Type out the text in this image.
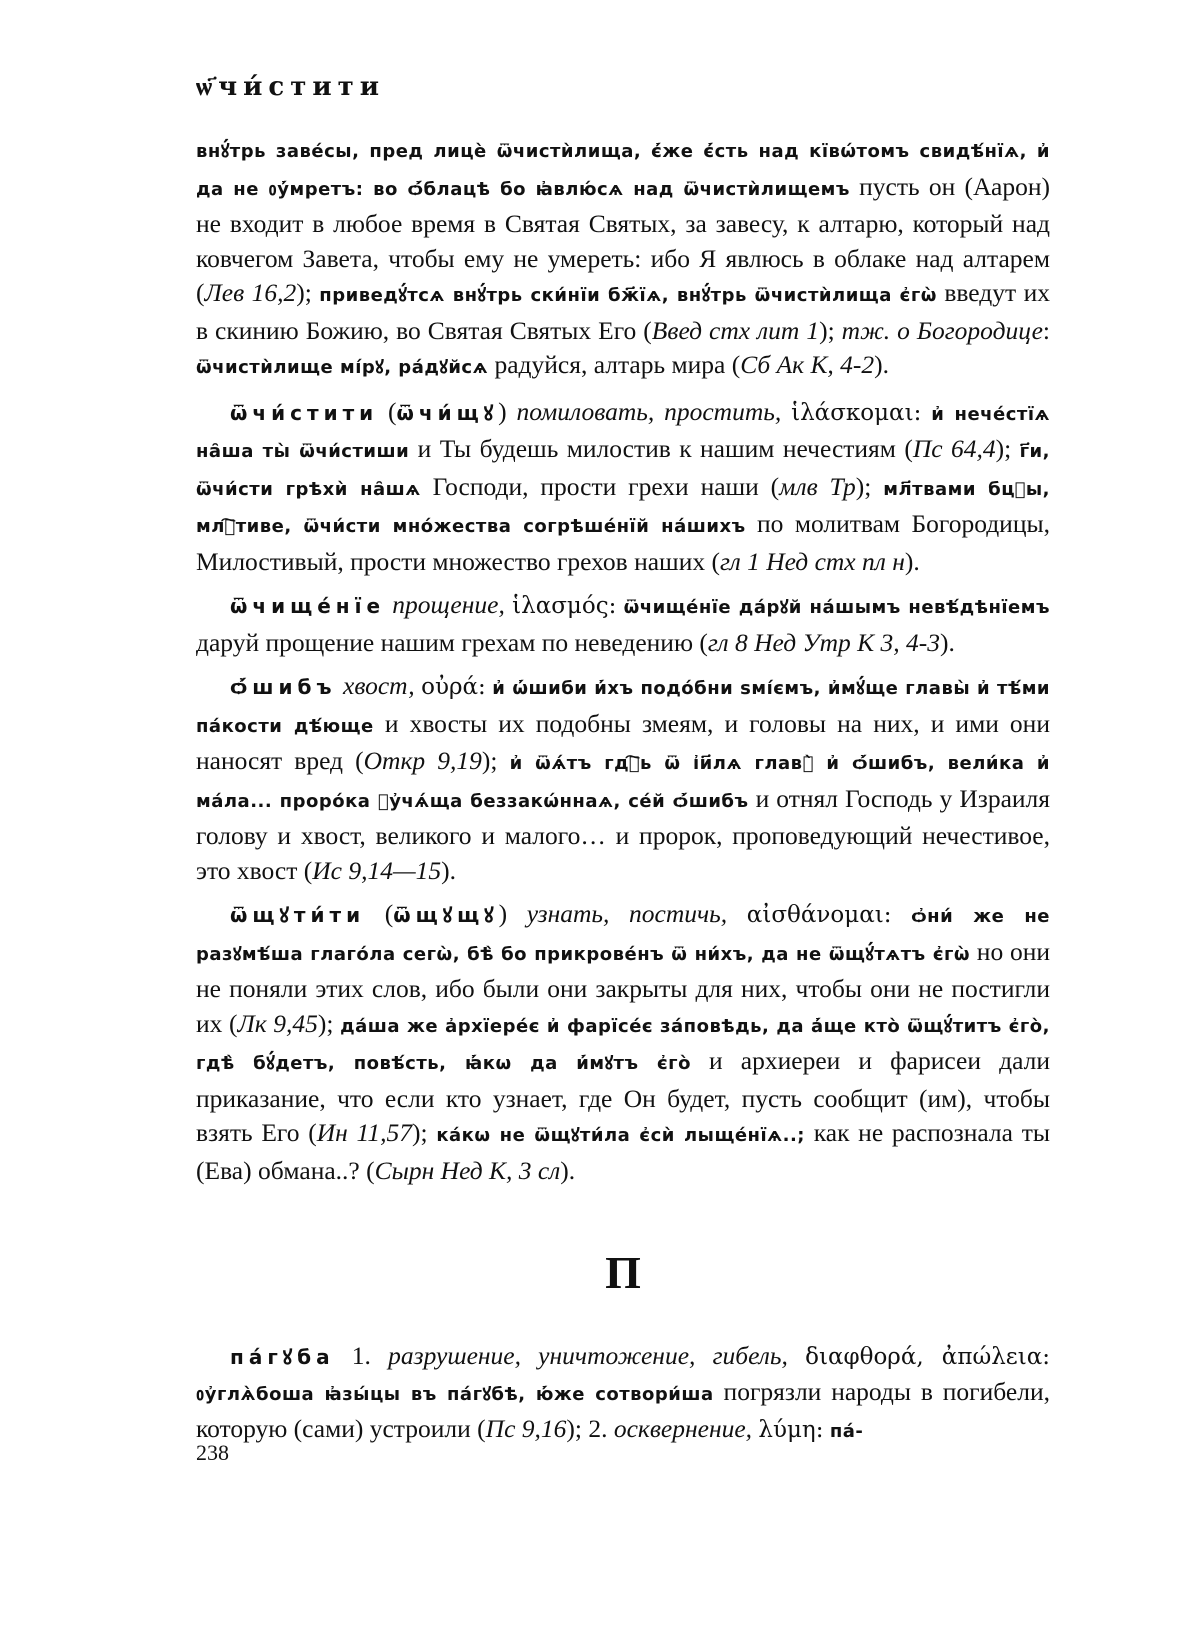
ѡ҃чи́стити

внꙋ́трь заве́сы, пред лицѐ ѿчистѝлища, є҆́же є҆́сть над кївѡ́томъ свидѣ́нїѧ, и҆ да не ᲂу҆́мретъ: во ѻ҆́блацѣ бо ꙗ҆влю́сѧ над ѿчистѝлищемъ пусть он (Аарон) не входит в любое время в Святая Святых, за завесу, к алтарю, который над ковчегом Завета, чтобы ему не умереть: ибо Я явлюсь в облаке над алтарем (Лев 16,2); приведꙋ́тсѧ внꙋ́трь ски́нїи бж҃їѧ, внꙋ́трь ѿчистѝлища є҆гѡ̀ введут их в скинию Божию, во Святая Святых Его (Введ стх лит 1); тж. о Богородице: ѿчистѝлище мі́рꙋ, ра́дꙋйсѧ радуйся, алтарь мира (Сб Ак К, 4-2).

ѿчи́стити (ѿчи́щꙋ) помиловать, простить, ἱλάσκομαι: и҆ нече́стїѧ на̑ша ты̀ ѿчи́стиши и Ты будешь милостив к нашим нечестиям (Пс 64,4); г҃и, ѿчи́сти грѣхѝ на̑шѧ Господи, прости грехи наши (млв Тр); мл҃твами бцⷣы, млⷭ҇тиве, ѿчи́сти мно́жества согрѣше́нїй на́шихъ по молитвам Богородицы, Милостивый, прости множество грехов наших (гл 1 Нед стх пл н).

ѿчище́нїе прощение, ἱλασμός: ѿчище́нїе да́рꙋй на́шымъ невѣ́дѣнїемъ даруй прощение нашим грехам по неведению (гл 8 Нед Утр К 3, 4-3).

ѻ҆́шибъ хвост, οὐρά: и҆ ѡ҆́шиби и҆́хъ подо́бни ѕмі́ємъ, и҆мꙋ́ще главы̀ и҆ тѣ́ми па́кости дѣ́юще и хвосты их подобны змеям, и головы на них, и ими они наносят вред (Откр 9,19); и҆ ѿѧ́тъ гдⷭ҇ь ѿ і҆и҃лѧ главꙋ̀ и҆ ѻ҆́шибъ, вели́ка и҆ ма́ла... проро́ка ᲂу҆чѧ́ща беззакѡ́ннаѧ, се́й ѻ҆́шибъ и отнял Господь у Израиля голову и хвост, великого и малого… и пророк, проповедующий нечестивое, это хвост (Ис 9,14—15).

ѿщꙋти́ти (ѿщꙋщꙋ) узнать, постичь, αἰσθάνομαι: ѻ҆ни́ же не разꙋмѣ́ша глаго́ла сегѡ̀, бѣ̀ бо прикрове́нъ ѿ ни́хъ, да не ѿщꙋ́тѧтъ є҆гѡ̀ но они не поняли этих слов, ибо были они закрыты для них, чтобы они не постигли их (Лк 9,45); да́ша же а҆рхїере́є и҆ фарїсе́є за́повѣдь, да а҆́ще кто̀ ѿщꙋ́титъ є҆го̀, гдѣ̀ бꙋ́детъ, повѣ́сть, ꙗ҆́кѡ да и҆́мꙋтъ є҆го̀ и архиереи и фарисеи дали приказание, что если кто узнает, где Он будет, пусть сообщит (им), чтобы взять Его (Ин 11,57); ка́кѡ не ѿщꙋти́ла є҆сѝ лыще́нїѧ..; как не распознала ты (Ева) обмана..? (Сырн Нед К, 3 сл).

П

па́гꙋба 1. разрушение, уничтожение, гибель, διαφθορά, ἀπώλεια: ᲂу҆глѧ̀боша ꙗ҆зы́цы въ па́гꙋбѣ, ю҆́же сотвори́ша погрязли народы в погибели, которую (сами) устроили (Пс 9,16); 2. осквернение, λύμη: па́-

238
